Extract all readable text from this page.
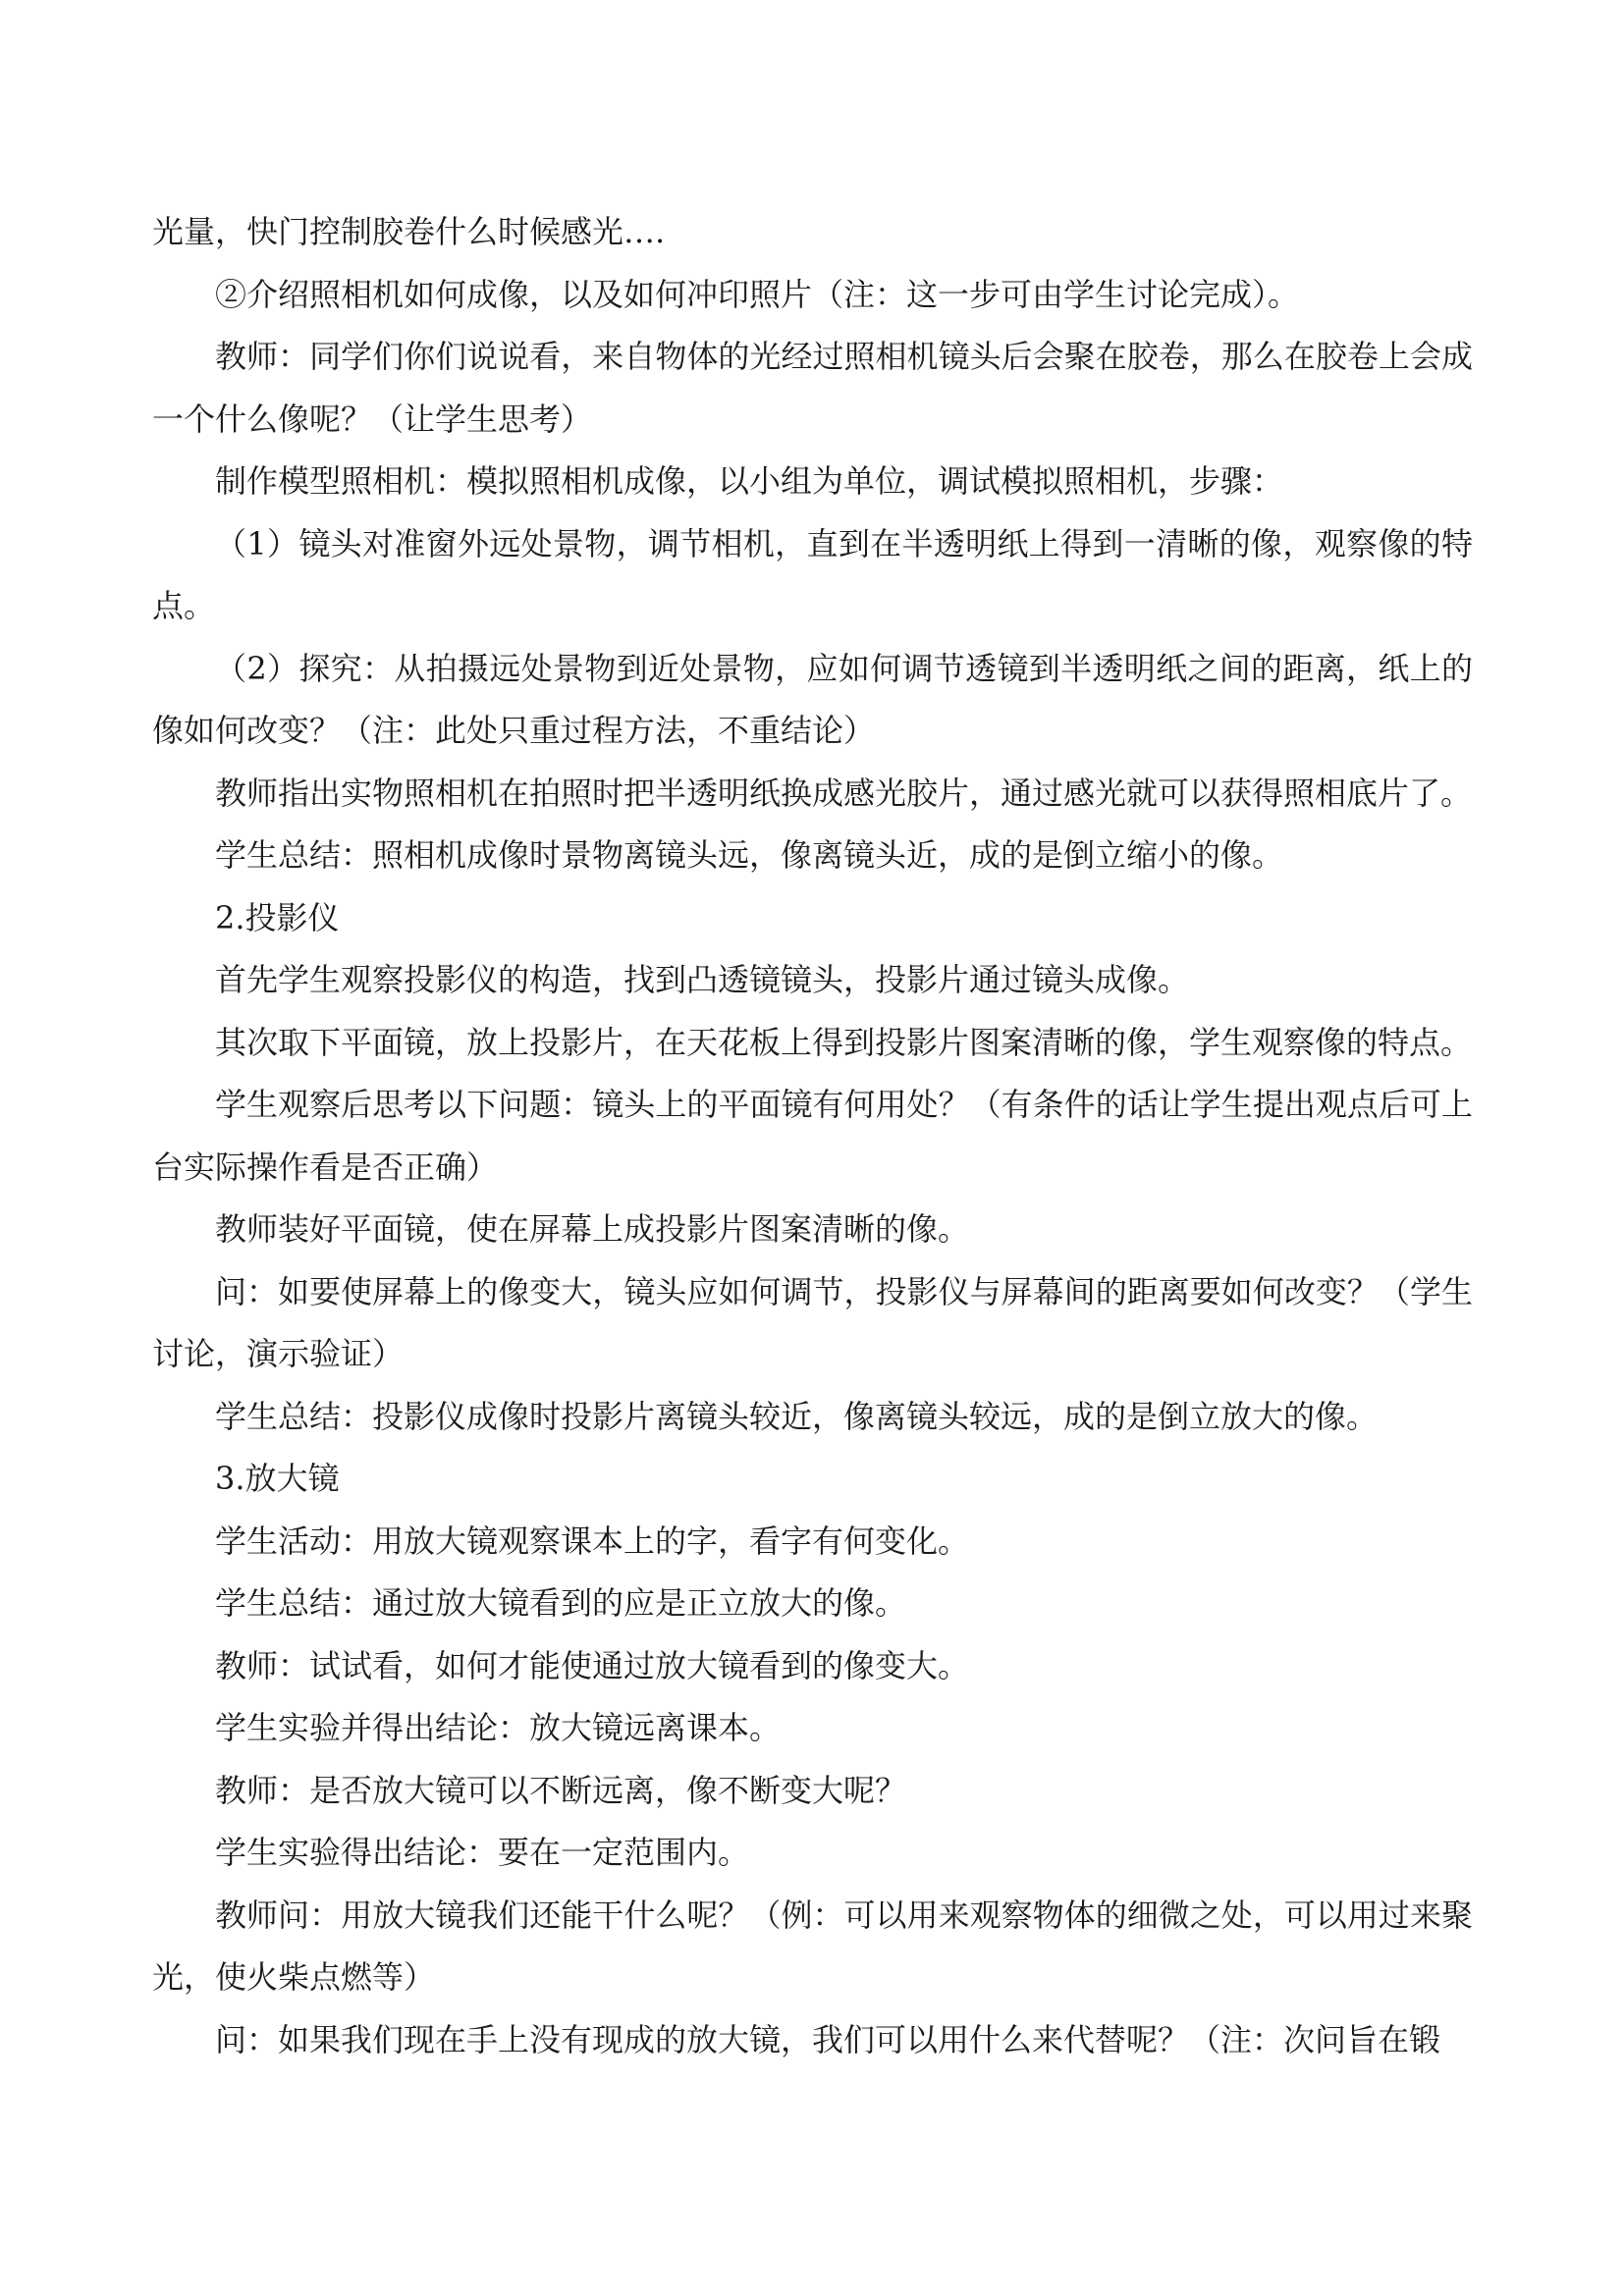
光量，快门控制胶卷什么时候感光….

②介绍照相机如何成像，以及如何冲印照片（注：这一步可由学生讨论完成）。

教师：同学们你们说说看，来自物体的光经过照相机镜头后会聚在胶卷，那么在胶卷上会成一个什么像呢？（让学生思考）

制作模型照相机：模拟照相机成像，以小组为单位，调试模拟照相机，步骤：

（1）镜头对准窗外远处景物，调节相机，直到在半透明纸上得到一清晰的像，观察像的特点。

（2）探究：从拍摄远处景物到近处景物，应如何调节透镜到半透明纸之间的距离，纸上的像如何改变？（注：此处只重过程方法，不重结论）

教师指出实物照相机在拍照时把半透明纸换成感光胶片，通过感光就可以获得照相底片了。

学生总结：照相机成像时景物离镜头远，像离镜头近，成的是倒立缩小的像。

2.投影仪

首先学生观察投影仪的构造，找到凸透镜镜头，投影片通过镜头成像。

其次取下平面镜，放上投影片，在天花板上得到投影片图案清晰的像，学生观察像的特点。

学生观察后思考以下问题：镜头上的平面镜有何用处？（有条件的话让学生提出观点后可上台实际操作看是否正确）

教师装好平面镜，使在屏幕上成投影片图案清晰的像。

问：如要使屏幕上的像变大，镜头应如何调节，投影仪与屏幕间的距离要如何改变？（学生讨论，演示验证）

学生总结：投影仪成像时投影片离镜头较近，像离镜头较远，成的是倒立放大的像。

3.放大镜

学生活动：用放大镜观察课本上的字，看字有何变化。

学生总结：通过放大镜看到的应是正立放大的像。

教师：试试看，如何才能使通过放大镜看到的像变大。

学生实验并得出结论：放大镜远离课本。

教师：是否放大镜可以不断远离，像不断变大呢？

学生实验得出结论：要在一定范围内。

教师问：用放大镜我们还能干什么呢？（例：可以用来观察物体的细微之处，可以用过来聚光，使火柴点燃等）

问：如果我们现在手上没有现成的放大镜，我们可以用什么来代替呢？（注：次问旨在锻
